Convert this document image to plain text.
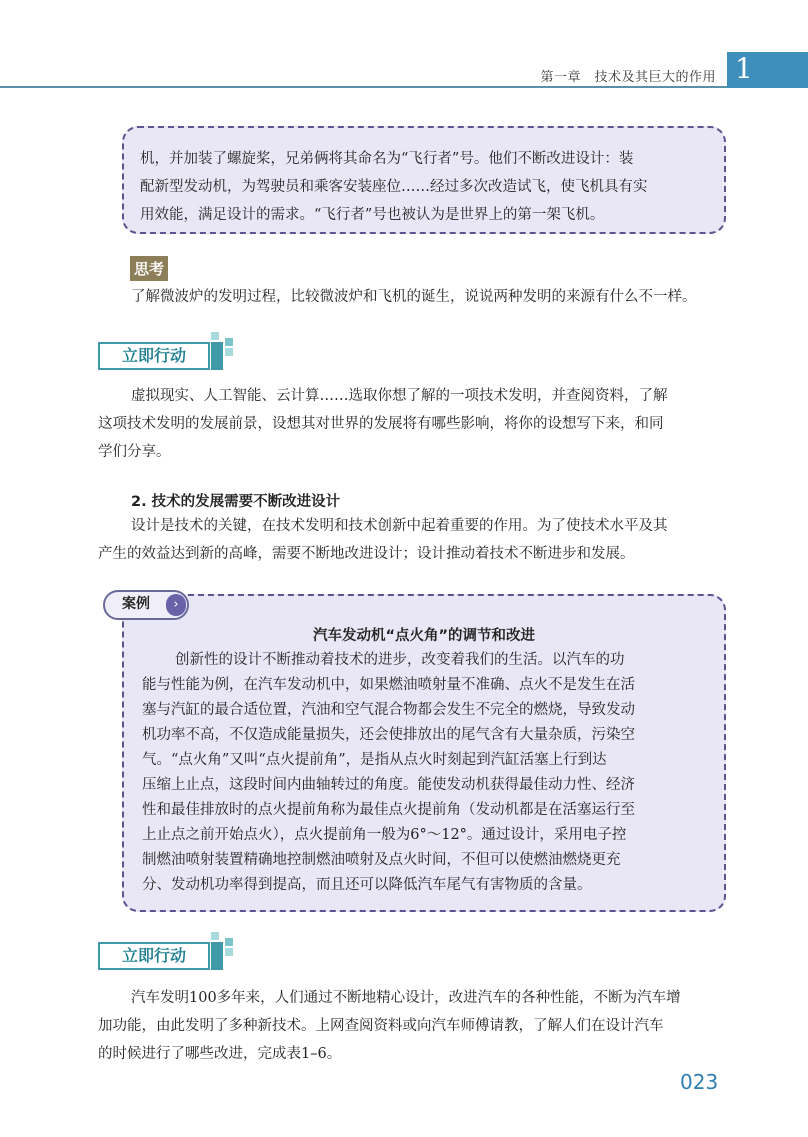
第一章　技术及其巨大的作用 1
机，并加装了螺旋桨，兄弟俩将其命名为“飞行者”号。他们不断改进设计：装
配新型发动机，为驾驶员和乘客安装座位……经过多次改造试飞，使飞机具有实
用效能，满足设计的需求。“飞行者”号也被认为是世界上的第一架飞机。
思考
了解微波炉的发明过程，比较微波炉和飞机的诞生，说说两种发明的来源有什么不一样。
立即行动
虚拟现实、人工智能、云计算……选取你想了解的一项技术发明，并查阅资料，了解
这项技术发明的发展前景，设想其对世界的发展将有哪些影响，将你的设想写下来，和同
学们分享。
2. 技术的发展需要不断改进设计
设计是技术的关键，在技术发明和技术创新中起着重要的作用。为了使技术水平及其
产生的效益达到新的高峰，需要不断地改进设计；设计推动着技术不断进步和发展。
案例	›
汽车发动机“点火角”的调节和改进
创新性的设计不断推动着技术的进步，改变着我们的生活。以汽车的功
能与性能为例，在汽车发动机中，如果燃油喷射量不准确、点火不是发生在活
塞与汽缸的最合适位置，汽油和空气混合物都会发生不完全的燃烧，导致发动
机功率不高，不仅造成能量损失，还会使排放出的尾气含有大量杂质，污染空
气。“点火角”又叫“点火提前角”，是指从点火时刻起到汽缸活塞上行到达
压缩上止点，这段时间内曲轴转过的角度。能使发动机获得最佳动力性、经济
性和最佳排放时的点火提前角称为最佳点火提前角（发动机都是在活塞运行至
上止点之前开始点火），点火提前角一般为6°～12°。通过设计，采用电子控
制燃油喷射装置精确地控制燃油喷射及点火时间，不但可以使燃油燃烧更充
分、发动机功率得到提高，而且还可以降低汽车尾气有害物质的含量。
立即行动
汽车发明100多年来，人们通过不断地精心设计，改进汽车的各种性能，不断为汽车增
加功能，由此发明了多种新技术。上网查阅资料或向汽车师傅请教，了解人们在设计汽车
的时候进行了哪些改进，完成表1–6。
023
